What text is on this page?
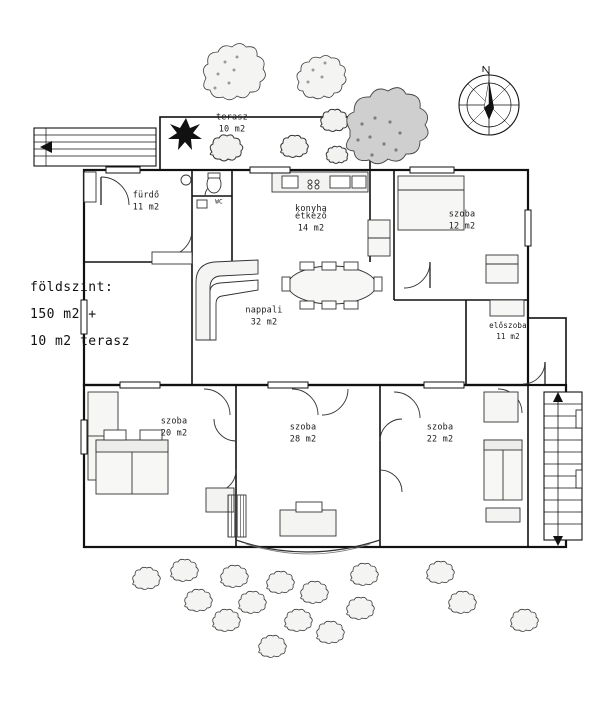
földszint:
150 m2 +
10 m2 terasz
terasz
10 m2
fürdő
11 m2
WC
konyha
étkező
14 m2
szoba
12 m2
nappali
32 m2	előszoba
11 m2
szoba
20 m2
szoba
28 m2
szoba
22 m2
